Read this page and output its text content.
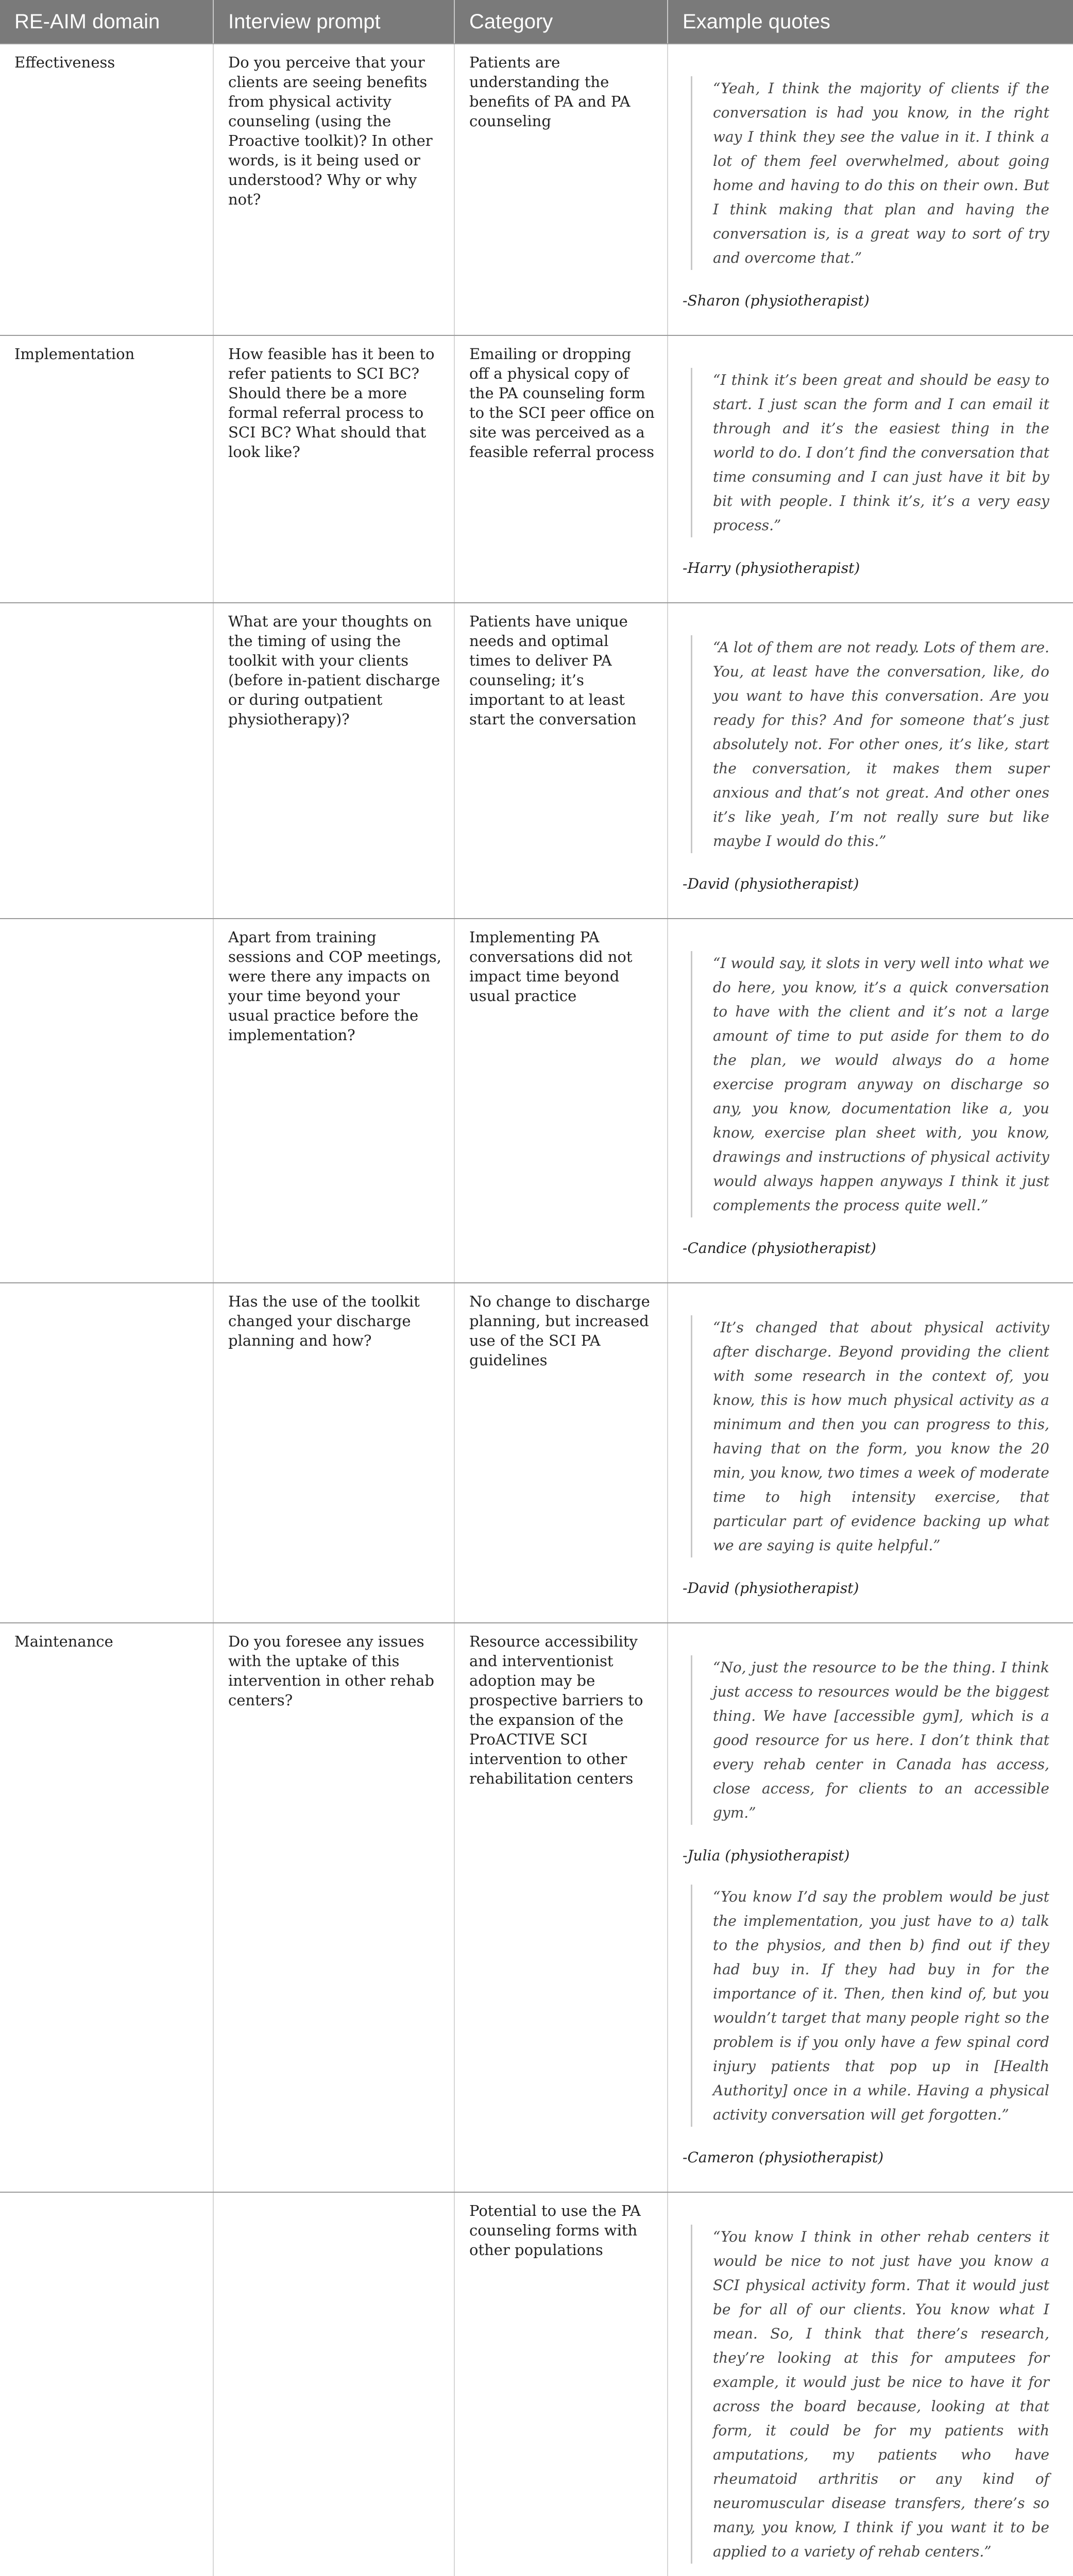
RE-AIM domain	Interview prompt	Category	Example quotes
Effectiveness	Do you perceive that your clients are seeing benefits from physical activity counseling (using the Proactive toolkit)? In other words, is it being used or understood? Why or why not?	Patients are understanding the benefits of PA and PA counseling	“Yeah, I think the majority of clients if the conversation is had you know, in the right way I think they see the value in it. I think a lot of them feel overwhelmed, about going home and having to do this on their own. But I think making that plan and having the conversation is, is a great way to sort of try and overcome that.”
-Sharon (physiotherapist)

Implementation	How feasible has it been to refer patients to SCI BC? Should there be a more formal referral process to SCI BC? What should that look like?	Emailing or dropping off a physical copy of the PA counseling form to the SCI peer office on site was perceived as a feasible referral process	“I think it’s been great and should be easy to start. I just scan the form and I can email it through and it’s the easiest thing in the world to do. I don’t find the conversation that time consuming and I can just have it bit by bit with people. I think it’s, it’s a very easy process.”
-Harry (physiotherapist)

	What are your thoughts on the timing of using the toolkit with your clients (before in-patient discharge or during outpatient physiotherapy)?	Patients have unique needs and optimal times to deliver PA counseling; it’s important to at least start the conversation	“A lot of them are not ready. Lots of them are. You, at least have the conversation, like, do you want to have this conversation. Are you ready for this? And for someone that’s just absolutely not. For other ones, it’s like, start the conversation, it makes them super anxious and that’s not great. And other ones it’s like yeah, I’m not really sure but like maybe I would do this.”
-David (physiotherapist)

	Apart from training sessions and COP meetings, were there any impacts on your time beyond your usual practice before the implementation?	Implementing PA conversations did not impact time beyond usual practice	“I would say, it slots in very well into what we do here, you know, it’s a quick conversation to have with the client and it’s not a large amount of time to put aside for them to do the plan, we would always do a home exercise program anyway on discharge so any, you know, documentation like a, you know, exercise plan sheet with, you know, drawings and instructions of physical activity would always happen anyways I think it just complements the process quite well.”
-Candice (physiotherapist)

	Has the use of the toolkit changed your discharge planning and how?	No change to discharge planning, but increased use of the SCI PA guidelines	“It’s changed that about physical activity after discharge. Beyond providing the client with some research in the context of, you know, this is how much physical activity as a minimum and then you can progress to this, having that on the form, you know the 20 min, you know, two times a week of moderate time to high intensity exercise, that particular part of evidence backing up what we are saying is quite helpful.”
-David (physiotherapist)

Maintenance	Do you foresee any issues with the uptake of this intervention in other rehab centers?	Resource accessibility and interventionist adoption may be prospective barriers to the expansion of the ProACTIVE SCI intervention to other rehabilitation centers	“No, just the resource to be the thing. I think just access to resources would be the biggest thing. We have [accessible gym], which is a good resource for us here. I don’t think that every rehab center in Canada has access, close access, for clients to an accessible gym.”
-Julia (physiotherapist)
“You know I’d say the problem would be just the implementation, you just have to a) talk to the physios, and then b) find out if they had buy in. If they had buy in for the importance of it. Then, then kind of, but you wouldn’t target that many people right so the problem is if you only have a few spinal cord injury patients that pop up in [Health Authority] once in a while. Having a physical activity conversation will get forgotten.”
-Cameron (physiotherapist)

		Potential to use the PA counseling forms with other populations	“You know I think in other rehab centers it would be nice to not just have you know a SCI physical activity form. That it would just be for all of our clients. You know what I mean. So, I think that there’s research, they’re looking at this for amputees for example, it would just be nice to have it for across the board because, looking at that form, it could be for my patients with amputations, my patients who have rheumatoid arthritis or any kind of neuromuscular disease transfers, there’s so many, you know, I think if you want it to be applied to a variety of rehab centers.”
